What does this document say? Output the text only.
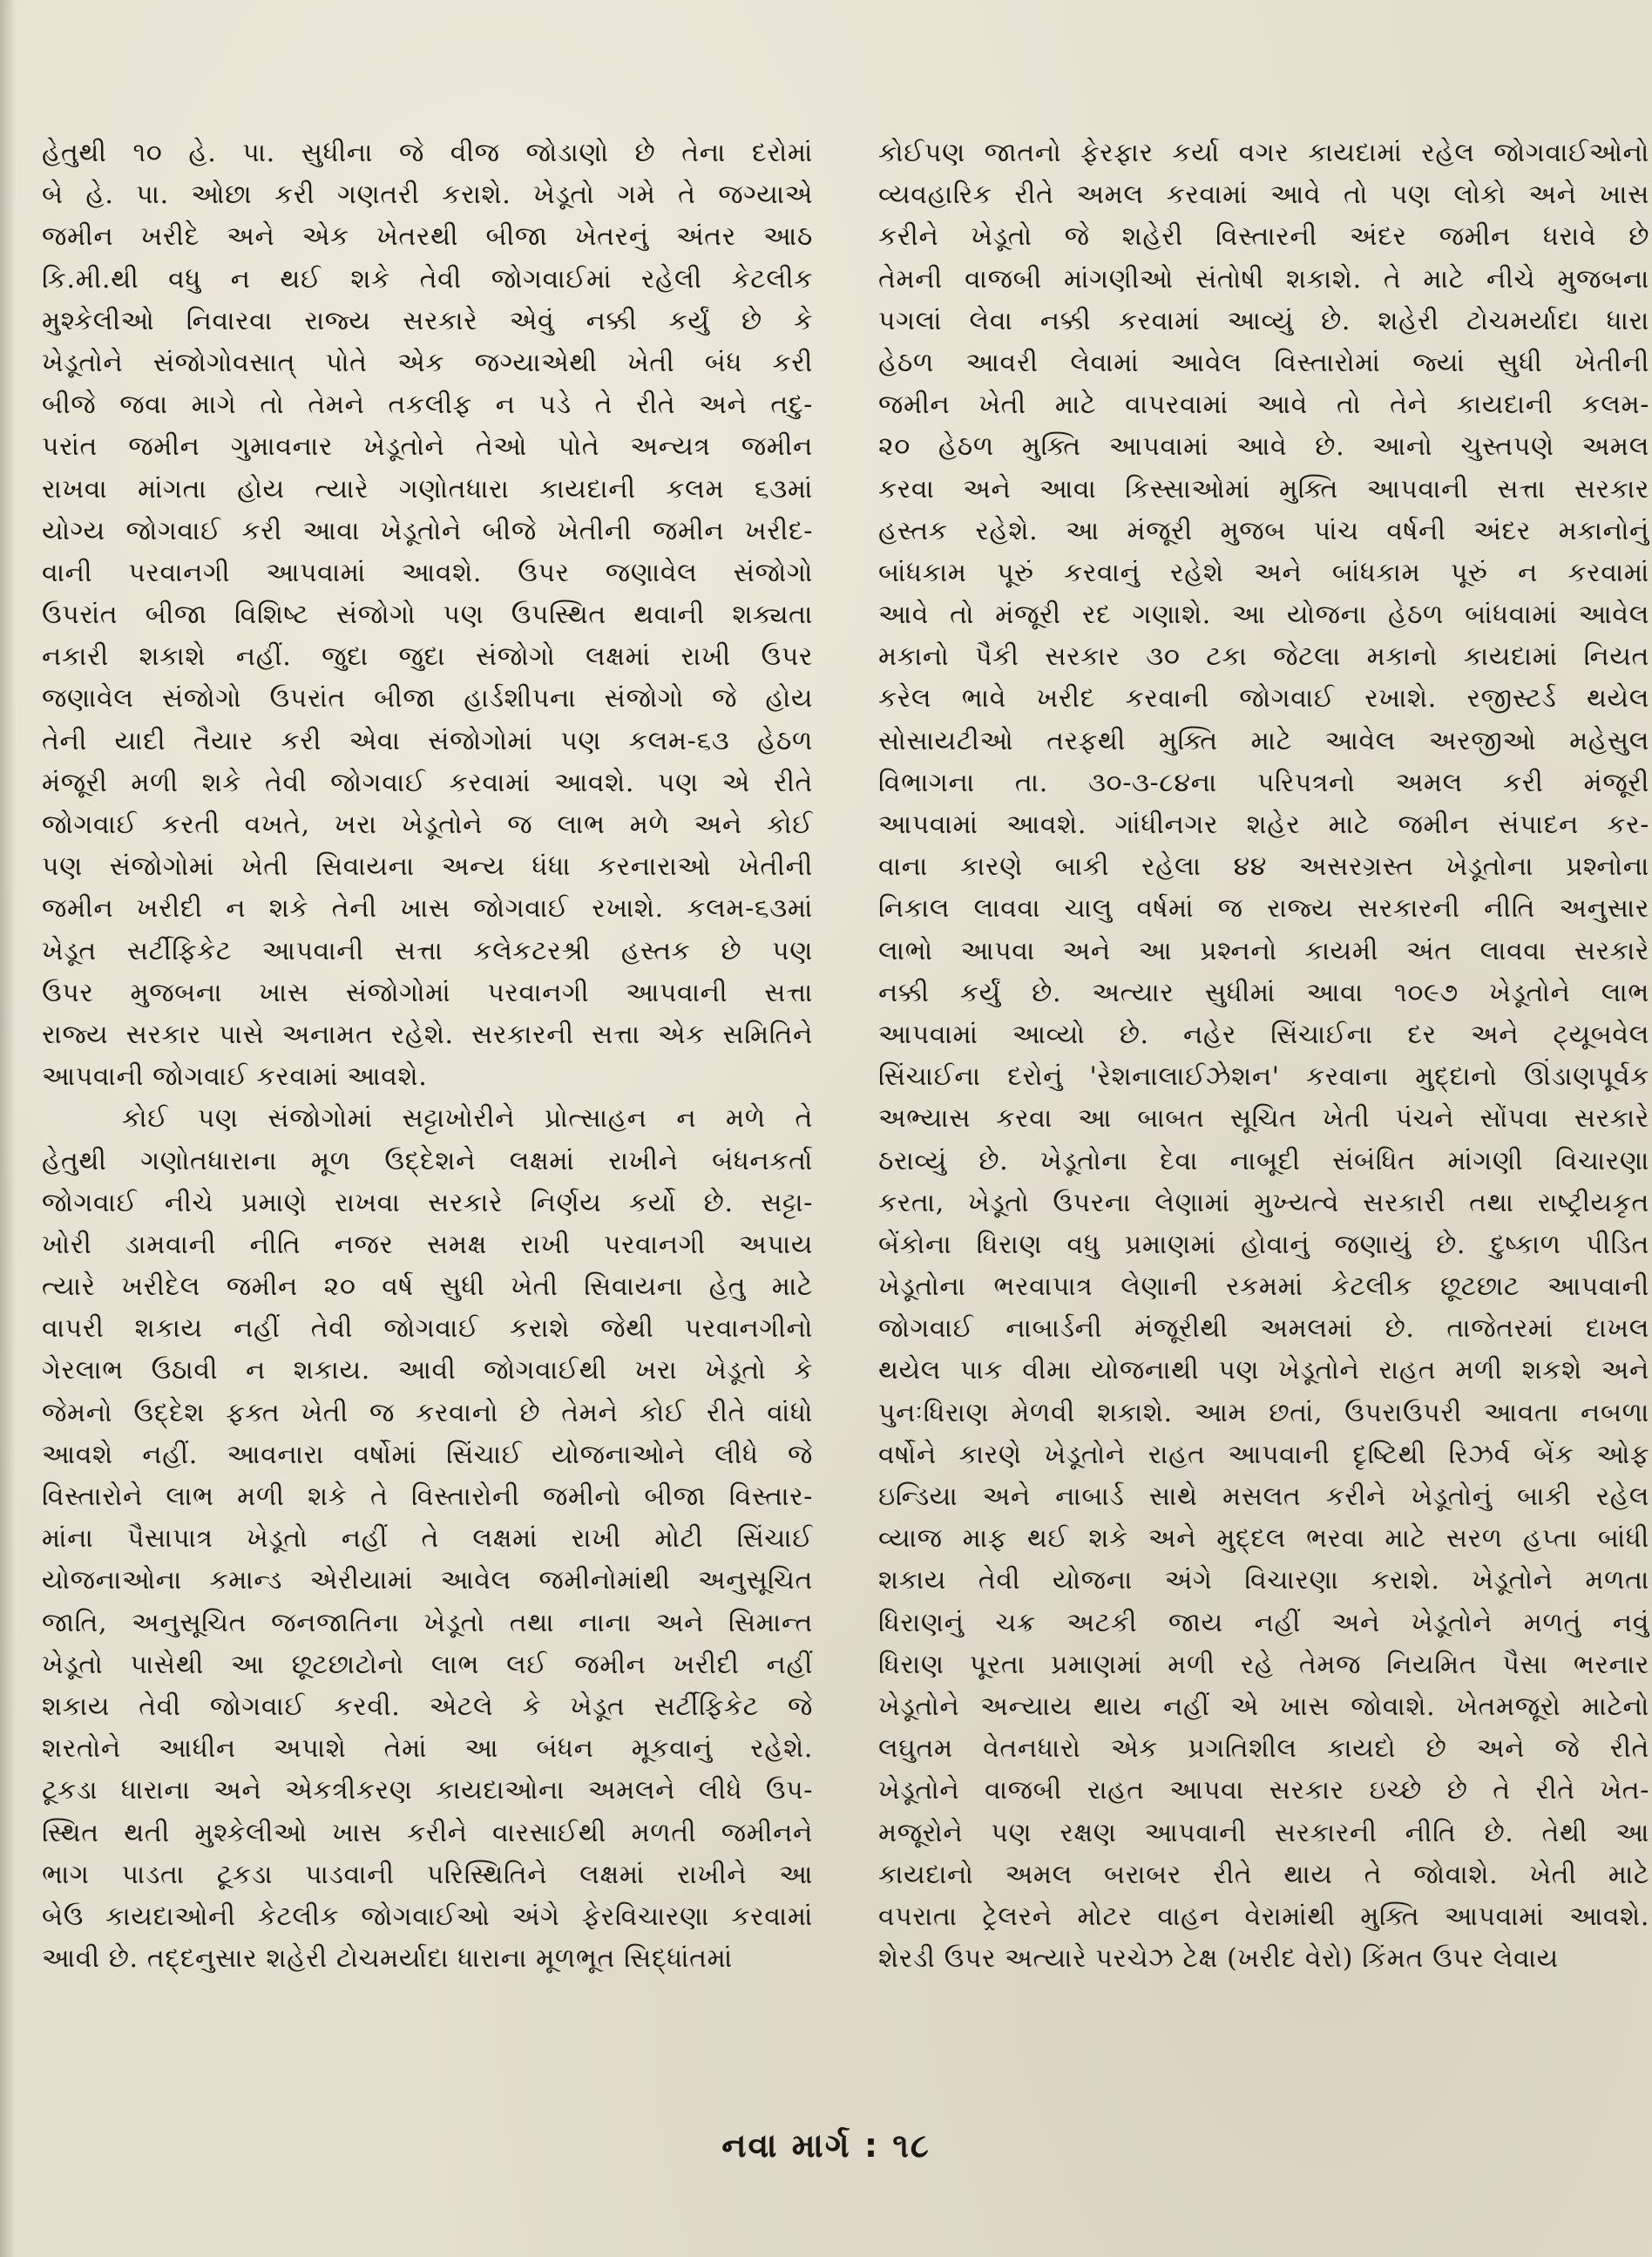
હેતુથી ૧૦ હે. પા. સુધીના જે વીજ જોડાણો છે તેના દરોમાં
બે હે. પા. ઓછા કરી ગણતરી કરાશે. ખેડૂતો ગમે તે જગ્યાએ
જમીન ખરીદે અને એક ખેતરથી બીજા ખેતરનું અંતર આઠ
કિ.મી.થી વધુ ન થઈ શકે તેવી જોગવાઈમાં રહેલી કેટલીક
મુશ્કેલીઓ નિવારવા રાજ્ય સરકારે એવું નક્કી કર્યું છે કે
ખેડૂતોને સંજોગોવસાત્ પોતે એક જગ્યાએથી ખેતી બંધ કરી
બીજે જવા માગે તો તેમને તકલીફ ન પડે તે રીતે અને તદુ-
પરાંત જમીન ગુમાવનાર ખેડૂતોને તેઓ પોતે અન્યત્ર જમીન
રાખવા માંગતા હોય ત્યારે ગણોતધારા કાયદાની કલમ ૬૩માં
યોગ્ય જોગવાઈ કરી આવા ખેડૂતોને બીજે ખેતીની જમીન ખરીદ-
વાની પરવાનગી આપવામાં આવશે. ઉપર જણાવેલ સંજોગો
ઉપરાંત બીજા વિશિષ્ટ સંજોગો પણ ઉપસ્થિત થવાની શક્યતા
નકારી શકાશે નહીં. જુદા જુદા સંજોગો લક્ષમાં રાખી ઉપર
જણાવેલ સંજોગો ઉપરાંત બીજા હાર્ડશીપના સંજોગો જે હોય
તેની યાદી તૈયાર કરી એવા સંજોગોમાં પણ કલમ-૬૩ હેઠળ
મંજૂરી મળી શકે તેવી જોગવાઈ કરવામાં આવશે. પણ એ રીતે
જોગવાઈ કરતી વખતે, ખરા ખેડૂતોને જ લાભ મળે અને કોઈ
પણ સંજોગોમાં ખેતી સિવાયના અન્ય ધંધા કરનારાઓ ખેતીની
જમીન ખરીદી ન શકે તેની ખાસ જોગવાઈ રખાશે. કલમ-૬૩માં
ખેડૂત સર્ટીફિકેટ આપવાની સત્તા કલેકટરશ્રી હસ્તક છે પણ
ઉપર મુજબના ખાસ સંજોગોમાં પરવાનગી આપવાની સત્તા
રાજ્ય સરકાર પાસે અનામત રહેશે. સરકારની સત્તા એક સમિતિને
આપવાની જોગવાઈ કરવામાં આવશે.
કોઈ પણ સંજોગોમાં સટ્ટાખોરીને પ્રોત્સાહન ન મળે તે
હેતુથી ગણોતધારાના મૂળ ઉદ્દેશને લક્ષમાં રાખીને બંધનકર્તા
જોગવાઈ નીચે પ્રમાણે રાખવા સરકારે નિર્ણય કર્યો છે. સટ્ટા-
ખોરી ડામવાની નીતિ નજર સમક્ષ રાખી પરવાનગી અપાય
ત્યારે ખરીદેલ જમીન ૨૦ વર્ષ સુધી ખેતી સિવાયના હેતુ માટે
વાપરી શકાય નહીં તેવી જોગવાઈ કરાશે જેથી પરવાનગીનો
ગેરલાભ ઉઠાવી ન શકાય. આવી જોગવાઈથી ખરા ખેડૂતો કે
જેમનો ઉદ્દેશ ફક્ત ખેતી જ કરવાનો છે તેમને કોઈ રીતે વાંધો
આવશે નહીં. આવનારા વર્ષોમાં સિંચાઈ યોજનાઓને લીધે જે
વિસ્તારોને લાભ મળી શકે તે વિસ્તારોની જમીનો બીજા વિસ્તાર-
માંના પૈસાપાત્ર ખેડૂતો નહીં તે લક્ષમાં રાખી મોટી સિંચાઈ
યોજનાઓના કમાન્ડ એરીયામાં આવેલ જમીનોમાંથી અનુસૂચિત
જાતિ, અનુસૂચિત જનજાતિના ખેડૂતો તથા નાના અને સિમાન્ત
ખેડૂતો પાસેથી આ છૂટછાટોનો લાભ લઈ જમીન ખરીદી નહીં
શકાય તેવી જોગવાઈ કરવી. એટલે કે ખેડૂત સર્ટીફિકેટ જે
શરતોને આધીન અપાશે તેમાં આ બંધન મૂકવાનું રહેશે.
ટૂકડા ધારાના અને એકત્રીકરણ કાયદાઓના અમલને લીધે ઉપ-
સ્થિત થતી મુશ્કેલીઓ ખાસ કરીને વારસાઈથી મળતી જમીનને
ભાગ પાડતા ટૂકડા પાડવાની પરિસ્થિતિને લક્ષમાં રાખીને આ
બેઉ કાયદાઓની કેટલીક જોગવાઈઓ અંગે ફેરવિચારણા કરવામાં
આવી છે. તદ્દનુસાર શહેરી ટોચમર્યાદા ધારાના મૂળભૂત સિદ્ધાંતમાં
કોઈપણ જાતનો ફેરફાર કર્યા વગર કાયદામાં રહેલ જોગવાઈઓનો
વ્યવહારિક રીતે અમલ કરવામાં આવે તો પણ લોકો અને ખાસ
કરીને ખેડૂતો જે શહેરી વિસ્તારની અંદર જમીન ધરાવે છે
તેમની વાજબી માંગણીઓ સંતોષી શકાશે. તે માટે નીચે મુજબના
પગલાં લેવા નક્કી કરવામાં આવ્યું છે. શહેરી ટોચમર્યાદા ધારા
હેઠળ આવરી લેવામાં આવેલ વિસ્તારોમાં જ્યાં સુધી ખેતીની
જમીન ખેતી માટે વાપરવામાં આવે તો તેને કાયદાની કલમ-
૨૦ હેઠળ મુક્તિ આપવામાં આવે છે. આનો ચુસ્તપણે અમલ
કરવા અને આવા કિસ્સાઓમાં મુક્તિ આપવાની સત્તા સરકાર
હસ્તક રહેશે. આ મંજૂરી મુજબ પાંચ વર્ષની અંદર મકાનોનું
બાંધકામ પૂરું કરવાનું રહેશે અને બાંધકામ પૂરું ન કરવામાં
આવે તો મંજૂરી રદ ગણાશે. આ યોજના હેઠળ બાંધવામાં આવેલ
મકાનો પૈકી સરકાર ૩૦ ટકા જેટલા મકાનો કાયદામાં નિયત
કરેલ ભાવે ખરીદ કરવાની જોગવાઈ રખાશે. રજીસ્ટર્ડ થયેલ
સોસાયટીઓ તરફથી મુક્તિ માટે આવેલ અરજીઓ મહેસુલ
વિભાગના તા. ૩૦-૩-૮૪ના પરિપત્રનો અમલ કરી મંજૂરી
આપવામાં આવશે. ગાંધીનગર શહેર માટે જમીન સંપાદન કર-
વાના કારણે બાકી રહેલા ૪૪ અસરગ્રસ્ત ખેડૂતોના પ્રશ્નોના
નિકાલ લાવવા ચાલુ વર્ષમાં જ રાજ્ય સરકારની નીતિ અનુસાર
લાભો આપવા અને આ પ્રશ્નનો કાયમી અંત લાવવા સરકારે
નક્કી કર્યું છે. અત્યાર સુધીમાં આવા ૧૦૯૭ ખેડૂતોને લાભ
આપવામાં આવ્યો છે. નહેર સિંચાઈના દર અને ટ્યૂબવેલ
સિંચાઈના દરોનું 'રેશનાલાઈઝેશન' કરવાના મુદ્દાનો ઊંડાણપૂર્વક
અભ્યાસ કરવા આ બાબત સૂચિત ખેતી પંચને સોંપવા સરકારે
ઠરાવ્યું છે. ખેડૂતોના દેવા નાબૂદી સંબંધિત માંગણી વિચારણા
કરતા, ખેડૂતો ઉપરના લેણામાં મુખ્યત્વે સરકારી તથા રાષ્ટ્રીયકૃત
બેંકોના ધિરાણ વધુ પ્રમાણમાં હોવાનું જણાયું છે. દુષ્કાળ પીડિત
ખેડૂતોના ભરવાપાત્ર લેણાની રકમમાં કેટલીક છૂટછાટ આપવાની
જોગવાઈ નાબાર્ડની મંજૂરીથી અમલમાં છે. તાજેતરમાં દાખલ
થયેલ પાક વીમા યોજનાથી પણ ખેડૂતોને રાહત મળી શકશે અને
પુનઃધિરાણ મેળવી શકાશે. આમ છતાં, ઉપરાઉપરી આવતા નબળા
વર્ષોને કારણે ખેડૂતોને રાહત આપવાની દૃષ્ટિથી રિઝર્વ બેંક ઓફ
ઇન્ડિયા અને નાબાર્ડ સાથે મસલત કરીને ખેડૂતોનું બાકી રહેલ
વ્યાજ માફ થઈ શકે અને મુદ્દલ ભરવા માટે સરળ હપ્તા બાંધી
શકાય તેવી યોજના અંગે વિચારણા કરાશે. ખેડૂતોને મળતા
ધિરાણનું ચક્ર અટકી જાય નહીં અને ખેડૂતોને મળતું નવું
ધિરાણ પૂરતા પ્રમાણમાં મળી રહે તેમજ નિયમિત પૈસા ભરનાર
ખેડૂતોને અન્યાય થાય નહીં એ ખાસ જોવાશે. ખેતમજૂરો માટેનો
લઘુતમ વેતનધારો એક પ્રગતિશીલ કાયદો છે અને જે રીતે
ખેડૂતોને વાજબી રાહત આપવા સરકાર ઇચ્છે છે તે રીતે ખેત-
મજૂરોને પણ રક્ષણ આપવાની સરકારની નીતિ છે. તેથી આ
કાયદાનો અમલ બરાબર રીતે થાય તે જોવાશે. ખેતી માટે
વપરાતા ટ્રેલરને મોટર વાહન વેરામાંથી મુક્તિ આપવામાં આવશે.
શેરડી ઉપર અત્યારે પરચેઝ ટેક્ષ (ખરીદ વેરો) કિંમત ઉપર લેવાય
નવા માર્ગ : ૧૮
